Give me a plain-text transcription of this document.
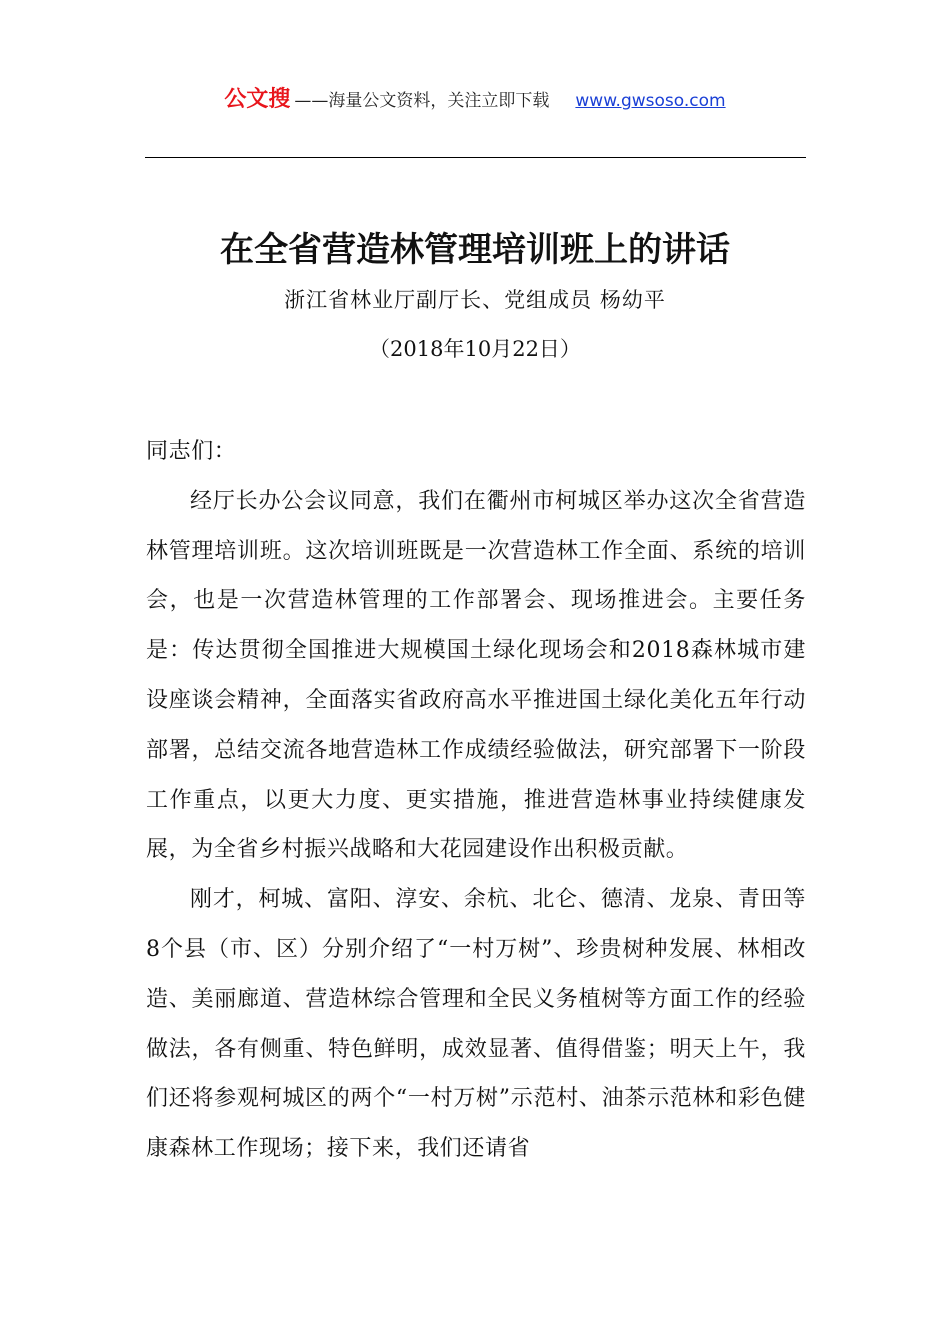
公文搜 ——海量公文资料，关注立即下载 www.gwsoso.com
在全省营造林管理培训班上的讲话
浙江省林业厅副厅长、党组成员 杨幼平
（2018年10月22日）

同志们：

经厅长办公会议同意，我们在衢州市柯城区举办这次全省营造林管理培训班。这次培训班既是一次营造林工作全面、系统的培训会，也是一次营造林管理的工作部署会、现场推进会。主要任务是：传达贯彻全国推进大规模国土绿化现场会和2018森林城市建设座谈会精神，全面落实省政府高水平推进国土绿化美化五年行动部署，总结交流各地营造林工作成绩经验做法，研究部署下一阶段工作重点，以更大力度、更实措施，推进营造林事业持续健康发展，为全省乡村振兴战略和大花园建设作出积极贡献。

刚才，柯城、富阳、淳安、余杭、北仑、德清、龙泉、青田等8个县（市、区）分别介绍了“一村万树”、珍贵树种发展、林相改造、美丽廊道、营造林综合管理和全民义务植树等方面工作的经验做法，各有侧重、特色鲜明，成效显著、值得借鉴；明天上午，我们还将参观柯城区的两个“一村万树”示范村、油茶示范林和彩色健康森林工作现场；接下来，我们还请省
